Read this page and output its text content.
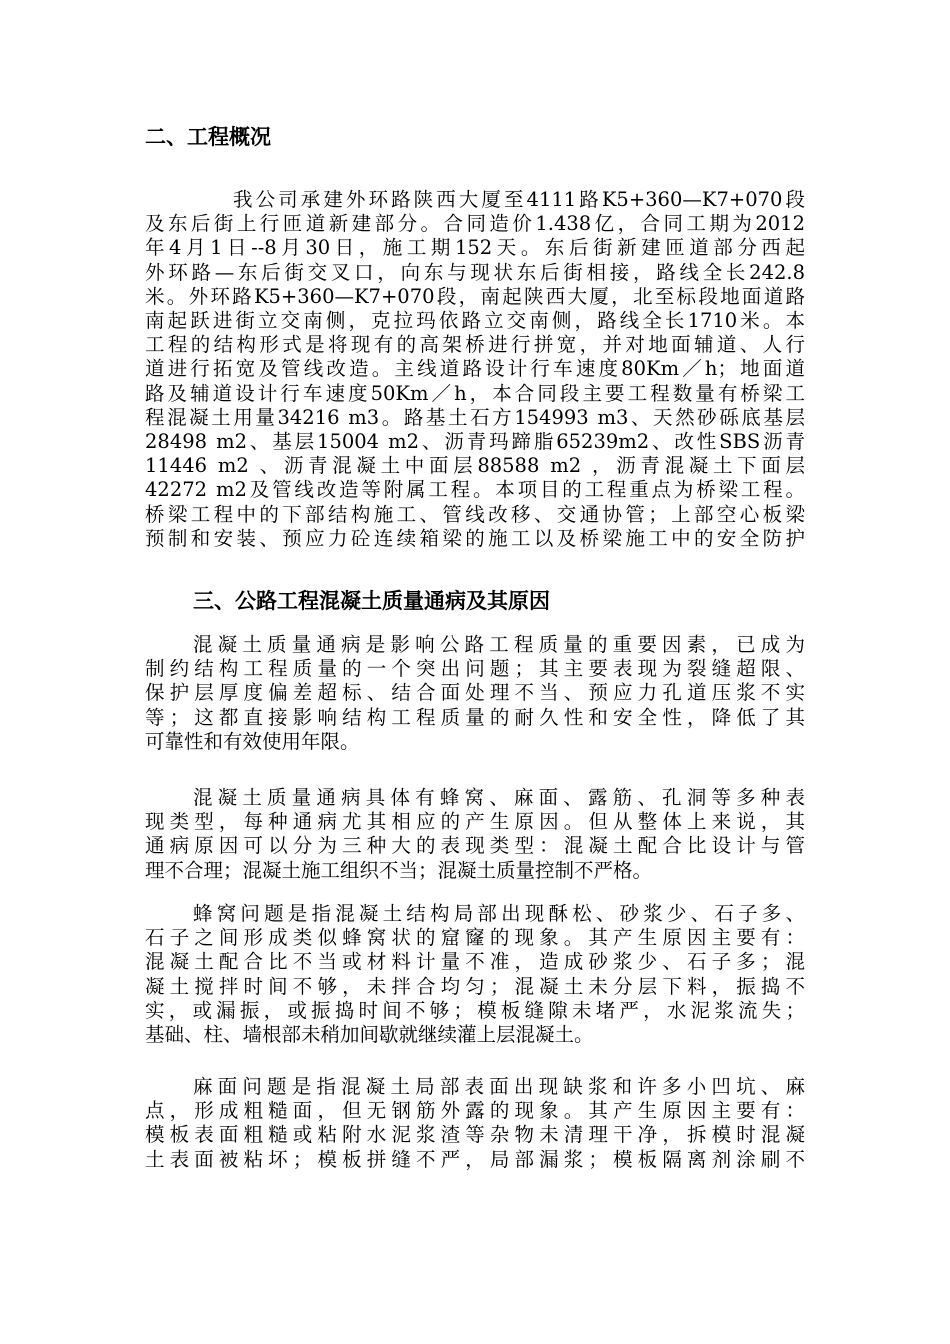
二、工程概况
我公司承建外环路陕西大厦至4111路K5+360—K7+070段
及东后街上行匝道新建部分。合同造价1.438亿，合同工期为2012
年4月1日--8月30日，施工期152天。东后街新建匝道部分西起
外环路—东后街交叉口，向东与现状东后街相接，路线全长242.8
米。外环路K5+360—K7+070段，南起陕西大厦，北至标段地面道路
南起跃进街立交南侧，克拉玛依路立交南侧，路线全长1710米。本
工程的结构形式是将现有的高架桥进行拼宽，并对地面辅道、人行
道进行拓宽及管线改造。主线道路设计行车速度80Km／h；地面道
路及辅道设计行车速度50Km／h，本合同段主要工程数量有桥梁工
程混凝土用量34216 m3。路基土石方154993 m3、天然砂砾底基层
28498 m2、基层15004 m2、沥青玛蹄脂65239m2、改性SBS沥青
11446 m2 、沥青混凝土中面层88588 m2 ，沥青混凝土下面层
42272 m2及管线改造等附属工程。本项目的工程重点为桥梁工程。
桥梁工程中的下部结构施工、管线改移、交通协管；上部空心板梁
预制和安装、预应力砼连续箱梁的施工以及桥梁施工中的安全防护
三、公路工程混凝土质量通病及其原因
混凝土质量通病是影响公路工程质量的重要因素，已成为
制约结构工程质量的一个突出问题；其主要表现为裂缝超限、
保护层厚度偏差超标、结合面处理不当、预应力孔道压浆不实
等；这都直接影响结构工程质量的耐久性和安全性，降低了其
可靠性和有效使用年限。
混凝土质量通病具体有蜂窝、麻面、露筋、孔洞等多种表
现类型，每种通病尤其相应的产生原因。但从整体上来说，其
通病原因可以分为三种大的表现类型：混凝土配合比设计与管
理不合理；混凝土施工组织不当；混凝土质量控制不严格。
蜂窝问题是指混凝土结构局部出现酥松、砂浆少、石子多、
石子之间形成类似蜂窝状的窟窿的现象。其产生原因主要有：
混凝土配合比不当或材料计量不准，造成砂浆少、石子多；混
凝土搅拌时间不够，未拌合均匀；混凝土未分层下料，振捣不
实，或漏振，或振捣时间不够；模板缝隙未堵严，水泥浆流失；
基础、柱、墙根部未稍加间歇就继续灌上层混凝土。
麻面问题是指混凝土局部表面出现缺浆和许多小凹坑、麻
点，形成粗糙面，但无钢筋外露的现象。其产生原因主要有：
模板表面粗糙或粘附水泥浆渣等杂物未清理干净，拆模时混凝
土表面被粘坏；模板拼缝不严，局部漏浆；模板隔离剂涂刷不
